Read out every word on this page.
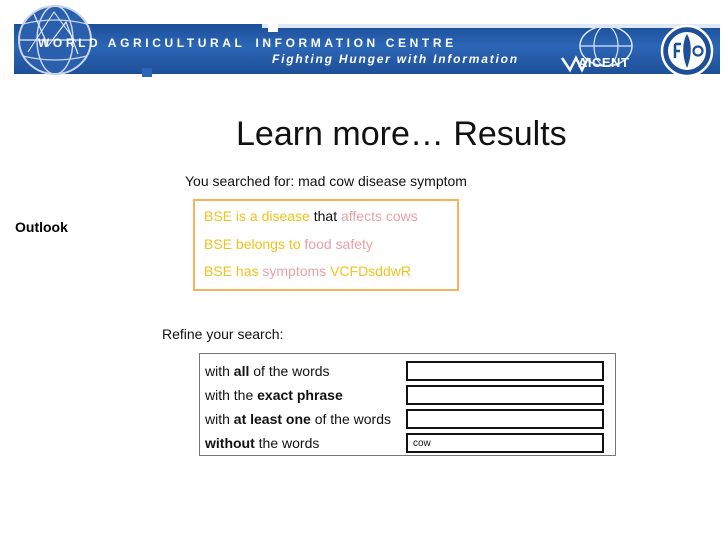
WORLD AGRICULTURAL INFORMATION CENTRE
Fighting Hunger with Information	AICENT
Outlook
Learn more… Results
You searched for: mad cow disease symptom
BSE is a disease that affects cows
BSE belongs to food safety
BSE has symptoms VCFDsddwR
Refine your search:
with all of the words
with the exact phrase
with at least one of the words
without the words
cow
